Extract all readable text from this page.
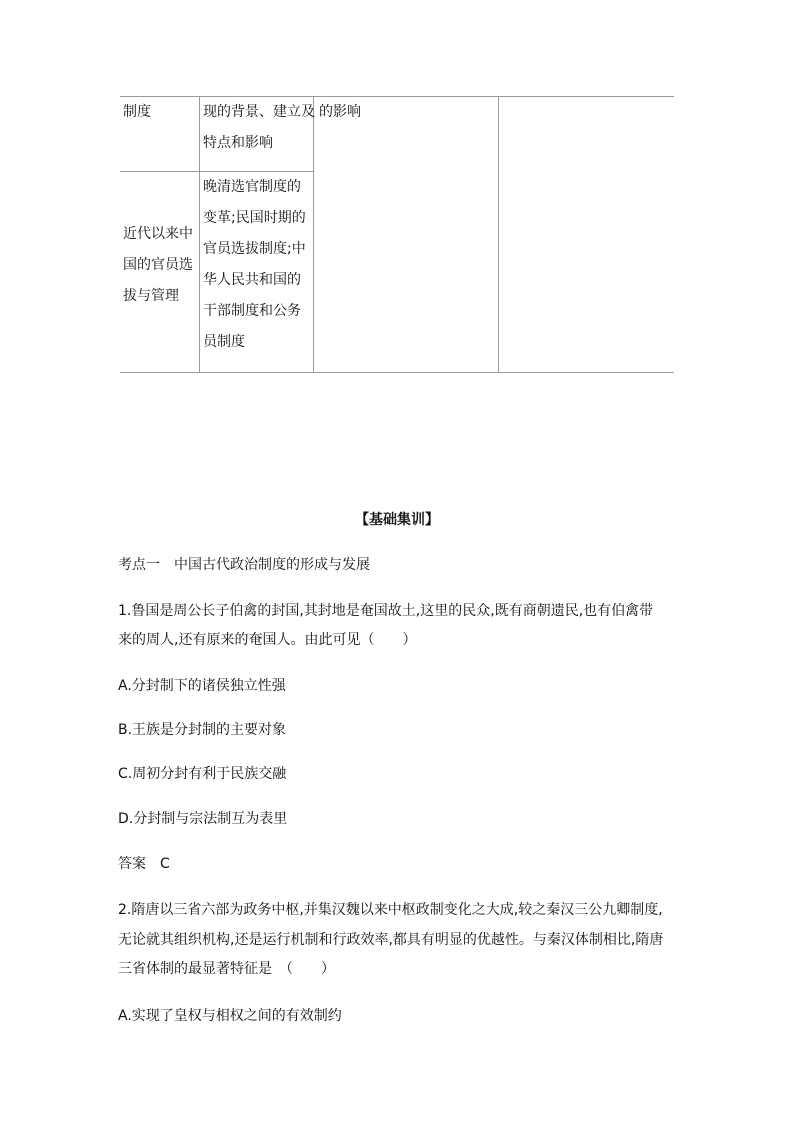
制度	现的背景、建立及
特点和影响
的影响
近代以来中
国的官员选
拔与管理
晚清选官制度的
变革;民国时期的
官员选拔制度;中
华人民共和国的
干部制度和公务
员制度
【基础集训】
考点一　中国古代政治制度的形成与发展
1.鲁国是周公长子伯禽的封国,其封地是奄国故土,这里的民众,既有商朝遗民,也有伯禽带
来的周人,还有原来的奄国人。由此可见（　　）
A.分封制下的诸侯独立性强
B.王族是分封制的主要对象
C.周初分封有利于民族交融
D.分封制与宗法制互为表里
答案　C
2.隋唐以三省六部为政务中枢,并集汉魏以来中枢政制变化之大成,较之秦汉三公九卿制度,
无论就其组织机构,还是运行机制和行政效率,都具有明显的优越性。与秦汉体制相比,隋唐
三省体制的最显著特征是　（　　）
A.实现了皇权与相权之间的有效制约
